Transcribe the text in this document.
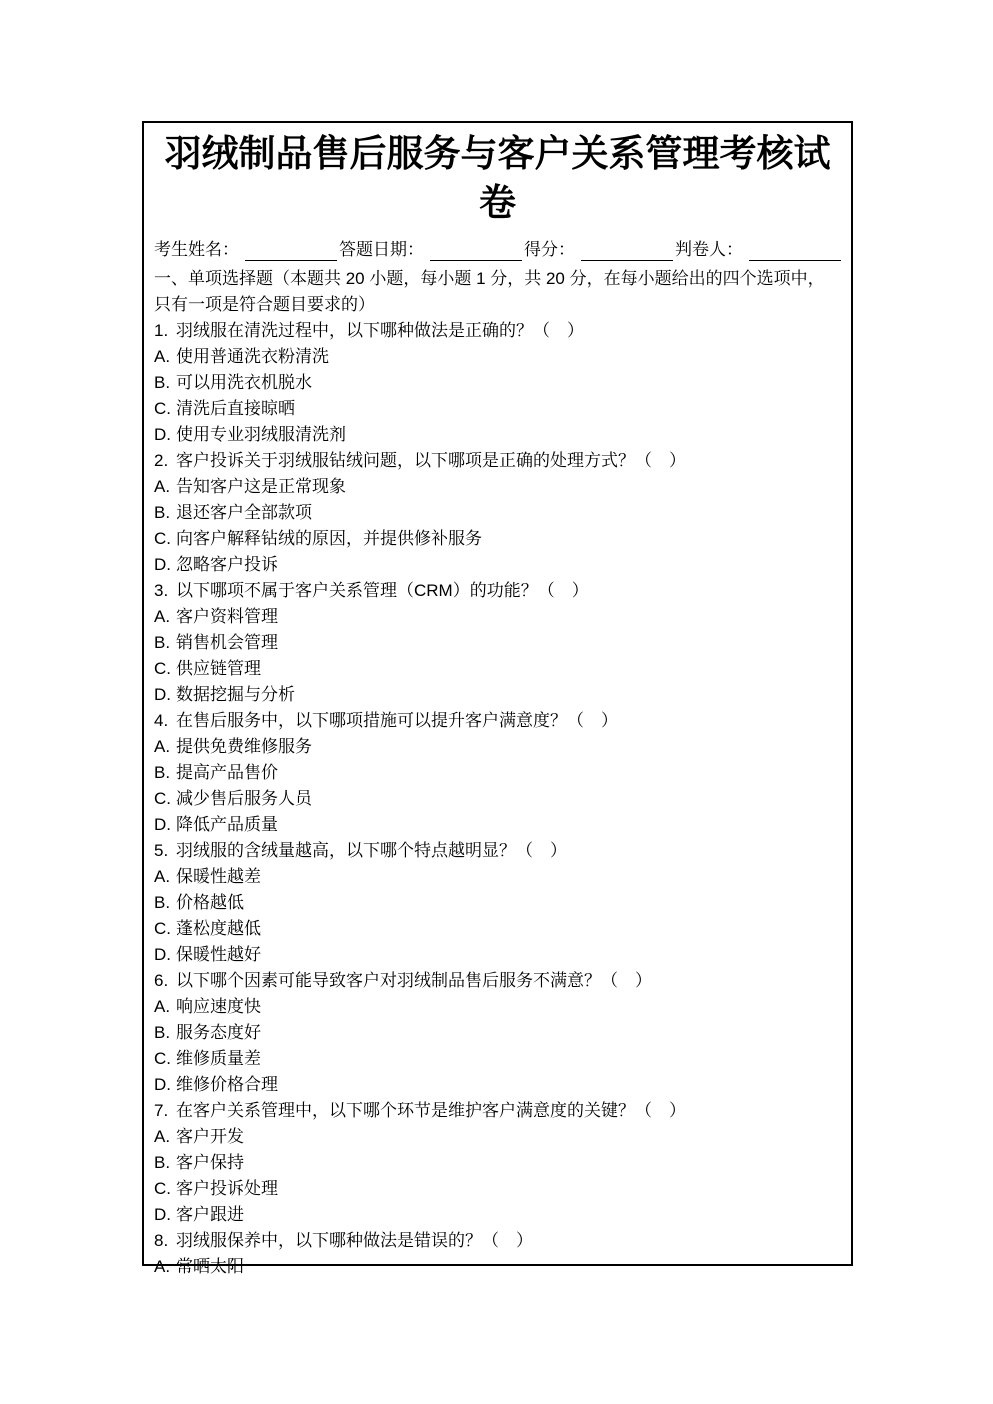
羽绒制品售后服务与客户关系管理考核试卷
考生姓名：	答题日期：	得分：	判卷人：

一、单项选择题（本题共 20 小题，每小题 1 分，共 20 分，在每小题给出的四个选项中，只有一项是符合题目要求的）

1. 羽绒服在清洗过程中，以下哪种做法是正确的？（　）
A. 使用普通洗衣粉清洗
B. 可以用洗衣机脱水
C. 清洗后直接晾晒
D. 使用专业羽绒服清洗剂
2. 客户投诉关于羽绒服钻绒问题，以下哪项是正确的处理方式？（　）
A. 告知客户这是正常现象
B. 退还客户全部款项
C. 向客户解释钻绒的原因，并提供修补服务
D. 忽略客户投诉
3. 以下哪项不属于客户关系管理（CRM）的功能？（　）
A. 客户资料管理
B. 销售机会管理
C. 供应链管理
D. 数据挖掘与分析
4. 在售后服务中，以下哪项措施可以提升客户满意度？（　）
A. 提供免费维修服务
B. 提高产品售价
C. 减少售后服务人员
D. 降低产品质量
5. 羽绒服的含绒量越高，以下哪个特点越明显？（　）
A. 保暖性越差
B. 价格越低
C. 蓬松度越低
D. 保暖性越好
6. 以下哪个因素可能导致客户对羽绒制品售后服务不满意？（　）
A. 响应速度快
B. 服务态度好
C. 维修质量差
D. 维修价格合理
7. 在客户关系管理中，以下哪个环节是维护客户满意度的关键？（　）
A. 客户开发
B. 客户保持
C. 客户投诉处理
D. 客户跟进
8. 羽绒服保养中，以下哪种做法是错误的？（　）
A. 常晒太阳
